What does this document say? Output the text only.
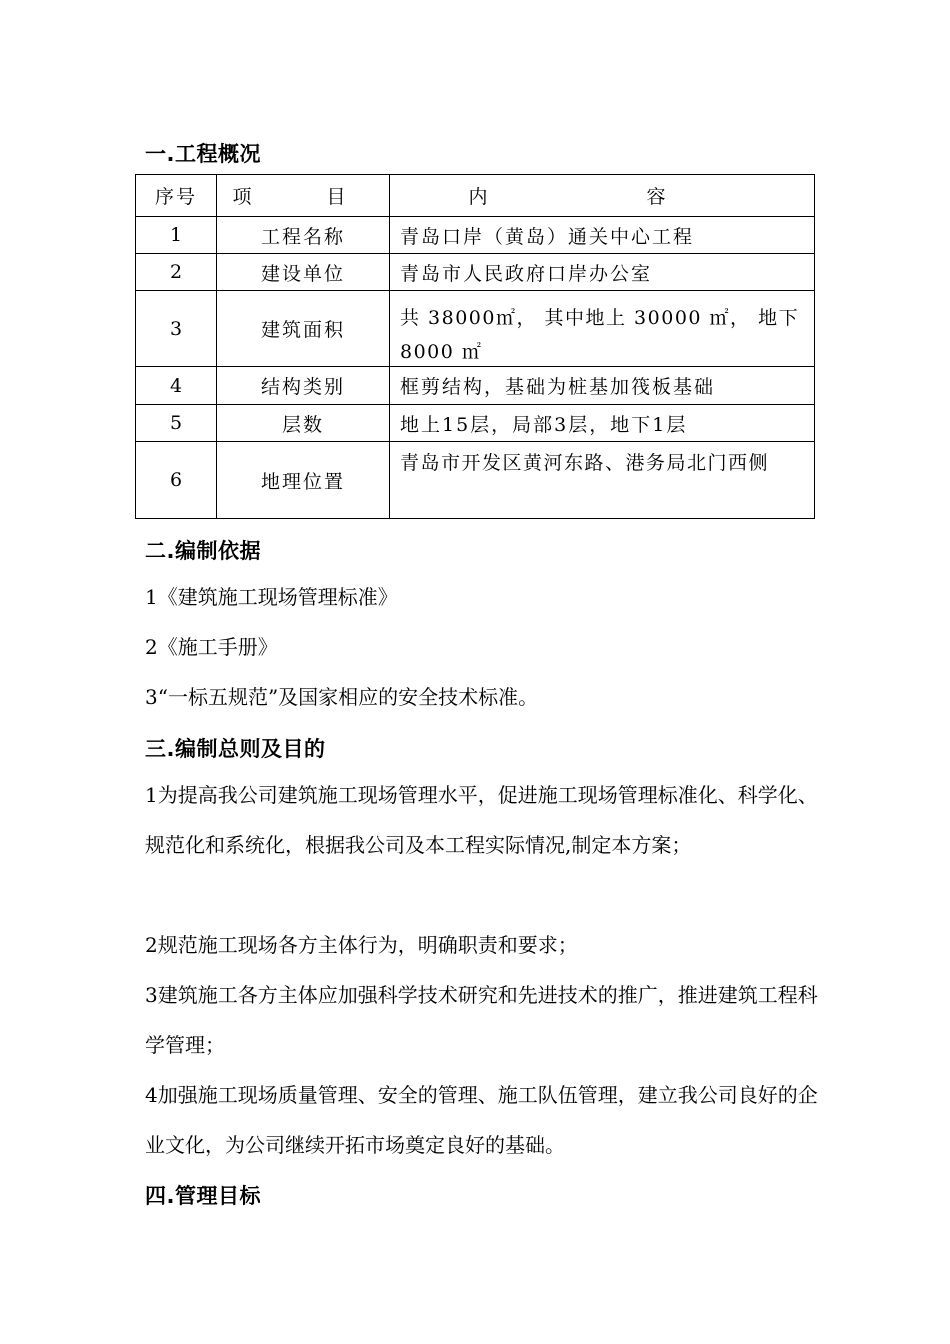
一.工程概况
序号	项　目	内　容
1	工程名称	青岛口岸（黄岛）通关中心工程
2	建设单位	青岛市人民政府口岸办公室
3	建筑面积	共 38000㎡， 其中地上 30000 ㎡， 地下 8000 ㎡

4	结构类别	框剪结构，基础为桩基加筏板基础
5	层数	地上15层，局部3层，地下1层
6	地理位置	青岛市开发区黄河东路、港务局北门西侧
二.编制依据

1《建筑施工现场管理标准》

2《施工手册》

3“一标五规范”及国家相应的安全技术标准。

三.编制总则及目的

1为提高我公司建筑施工现场管理水平，促进施工现场管理标准化、科学化、规范化和系统化，根据我公司及本工程实际情况,制定本方案；

2规范施工现场各方主体行为，明确职责和要求；

3建筑施工各方主体应加强科学技术研究和先进技术的推广，推进建筑工程科学管理；

4加强施工现场质量管理、安全的管理、施工队伍管理，建立我公司良好的企业文化，为公司继续开拓市场奠定良好的基础。

四.管理目标
